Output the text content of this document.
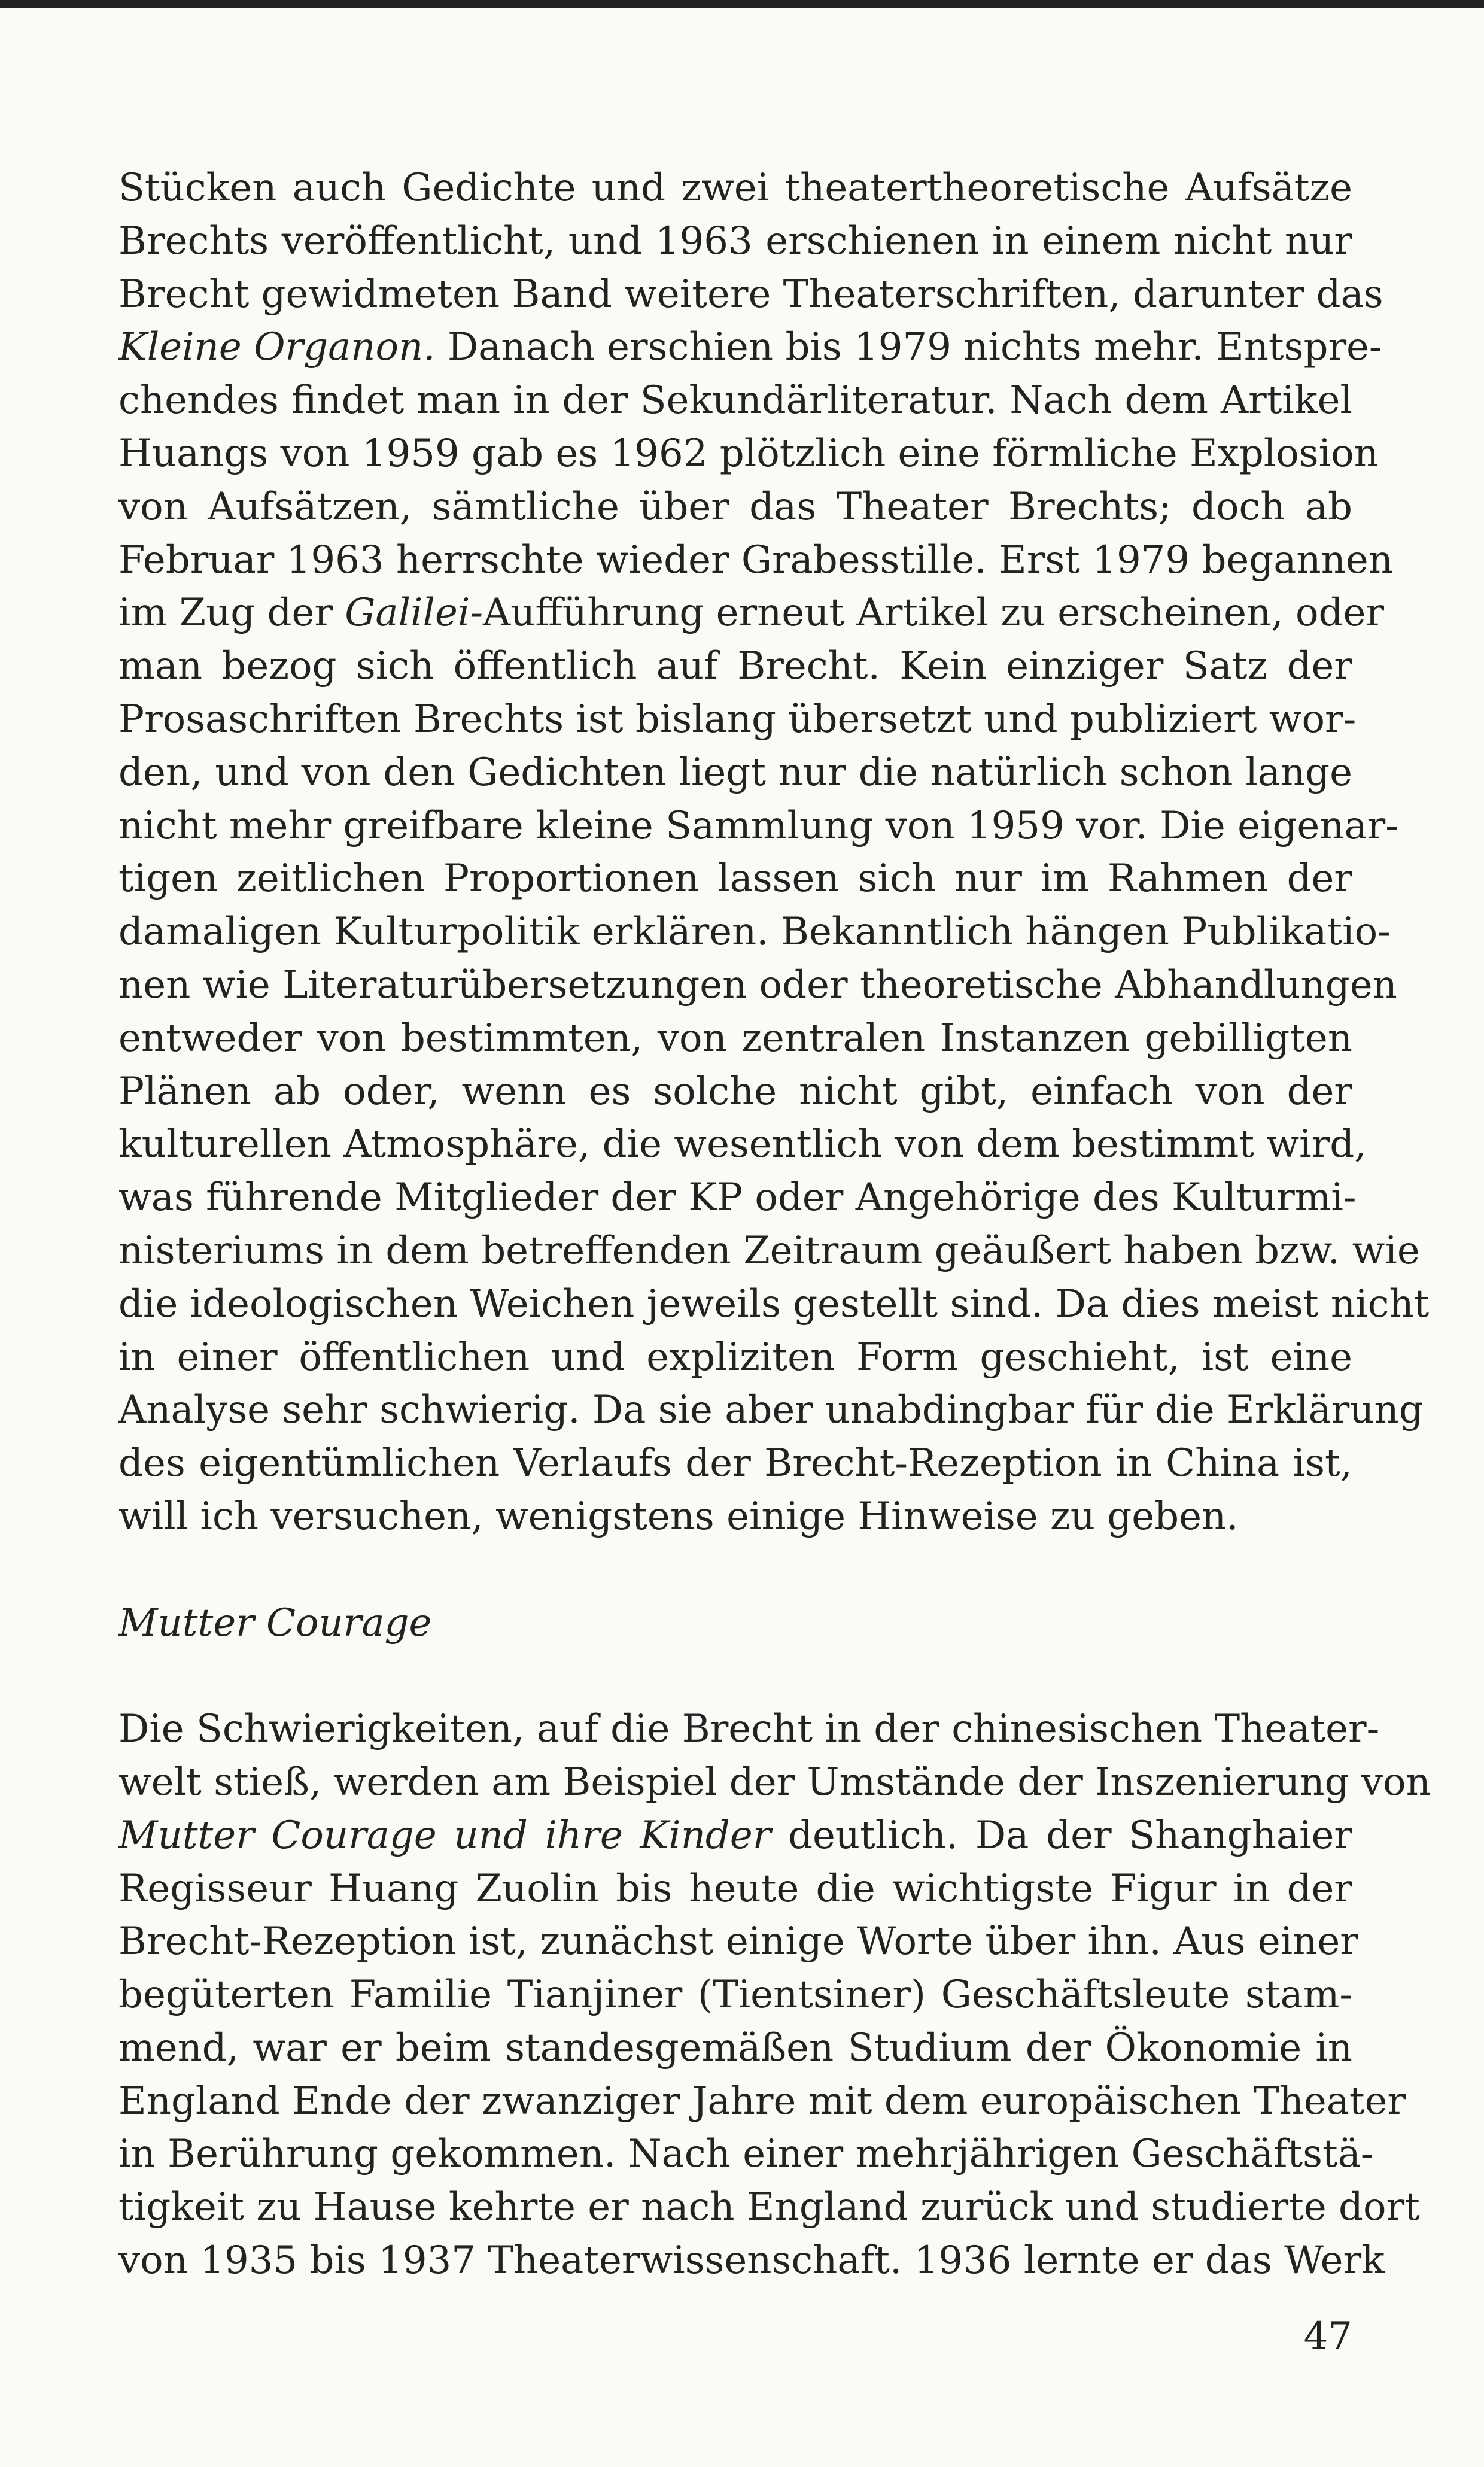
Stücken auch Gedichte und zwei theatertheoretische Aufsätze
Brechts veröffentlicht, und 1963 erschienen in einem nicht nur
Brecht gewidmeten Band weitere Theaterschriften, darunter das
Kleine Organon. Danach erschien bis 1979 nichts mehr. Entspre-
chendes findet man in der Sekundärliteratur. Nach dem Artikel
Huangs von 1959 gab es 1962 plötzlich eine förmliche Explosion
von Aufsätzen, sämtliche über das Theater Brechts; doch ab
Februar 1963 herrschte wieder Grabesstille. Erst 1979 begannen
im Zug der Galilei-Aufführung erneut Artikel zu erscheinen, oder
man bezog sich öffentlich auf Brecht. Kein einziger Satz der
Prosaschriften Brechts ist bislang übersetzt und publiziert wor-
den, und von den Gedichten liegt nur die natürlich schon lange
nicht mehr greifbare kleine Sammlung von 1959 vor. Die eigenar-
tigen zeitlichen Proportionen lassen sich nur im Rahmen der
damaligen Kulturpolitik erklären. Bekanntlich hängen Publikatio-
nen wie Literaturübersetzungen oder theoretische Abhandlungen
entweder von bestimmten, von zentralen Instanzen gebilligten
Plänen ab oder, wenn es solche nicht gibt, einfach von der
kulturellen Atmosphäre, die wesentlich von dem bestimmt wird,
was führende Mitglieder der KP oder Angehörige des Kulturmi-
nisteriums in dem betreffenden Zeitraum geäußert haben bzw. wie
die ideologischen Weichen jeweils gestellt sind. Da dies meist nicht
in einer öffentlichen und expliziten Form geschieht, ist eine
Analyse sehr schwierig. Da sie aber unabdingbar für die Erklärung
des eigentümlichen Verlaufs der Brecht-Rezeption in China ist,
will ich versuchen, wenigstens einige Hinweise zu geben.
Mutter Courage
Die Schwierigkeiten, auf die Brecht in der chinesischen Theater-
welt stieß, werden am Beispiel der Umstände der Inszenierung von
Mutter Courage und ihre Kinder deutlich. Da der Shanghaier
Regisseur Huang Zuolin bis heute die wichtigste Figur in der
Brecht-Rezeption ist, zunächst einige Worte über ihn. Aus einer
begüterten Familie Tianjiner (Tientsiner) Geschäftsleute stam-
mend, war er beim standesgemäßen Studium der Ökonomie in
England Ende der zwanziger Jahre mit dem europäischen Theater
in Berührung gekommen. Nach einer mehrjährigen Geschäftstä-
tigkeit zu Hause kehrte er nach England zurück und studierte dort
von 1935 bis 1937 Theaterwissenschaft. 1936 lernte er das Werk
47
